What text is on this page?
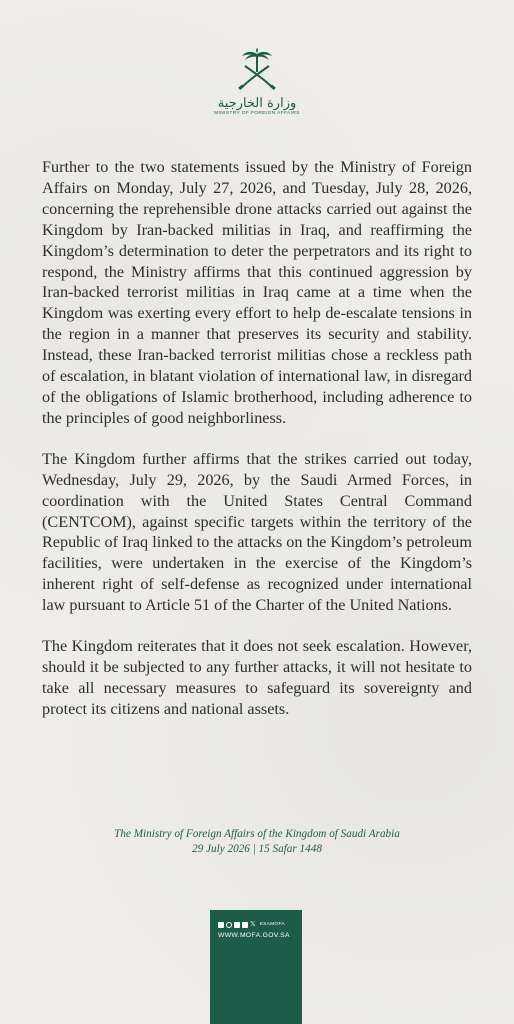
وزارة الخارجية
MINISTRY OF FOREIGN AFFAIRS

Further to the two statements issued by the Ministry of Foreign Affairs on Monday, July 27, 2026, and Tuesday, July 28, 2026, concerning the reprehensible drone attacks carried out against the Kingdom by Iran-backed militias in Iraq, and reaffirming the Kingdom’s determination to deter the perpetrators and its right to respond, the Ministry affirms that this continued aggression by Iran-backed terrorist militias in Iraq came at a time when the Kingdom was exerting every effort to help de-escalate tensions in the region in a manner that preserves its security and stability. Instead, these Iran-backed terrorist militias chose a reckless path of escalation, in blatant violation of international law, in disregard of the obligations of Islamic brotherhood, including adherence to the principles of good neighborliness.

The Kingdom further affirms that the strikes carried out today, Wednesday, July 29, 2026, by the Saudi Armed Forces, in coordination with the United States Central Command (CENTCOM), against specific targets within the territory of the Republic of Iraq linked to the attacks on the Kingdom’s petroleum facilities, were undertaken in the exercise of the Kingdom’s inherent right of self-defense as recognized under international law pursuant to Article 51 of the Charter of the United Nations.

The Kingdom reiterates that it does not seek escalation. However, should it be subjected to any further attacks, it will not hesitate to take all necessary measures to safeguard its sovereignty and protect its citizens and national assets.

The Ministry of Foreign Affairs of the Kingdom of Saudi Arabia
29 July 2026 | 15 Safar 1448
𝕏 KSAMOFA
WWW.MOFA.GOV.SA
